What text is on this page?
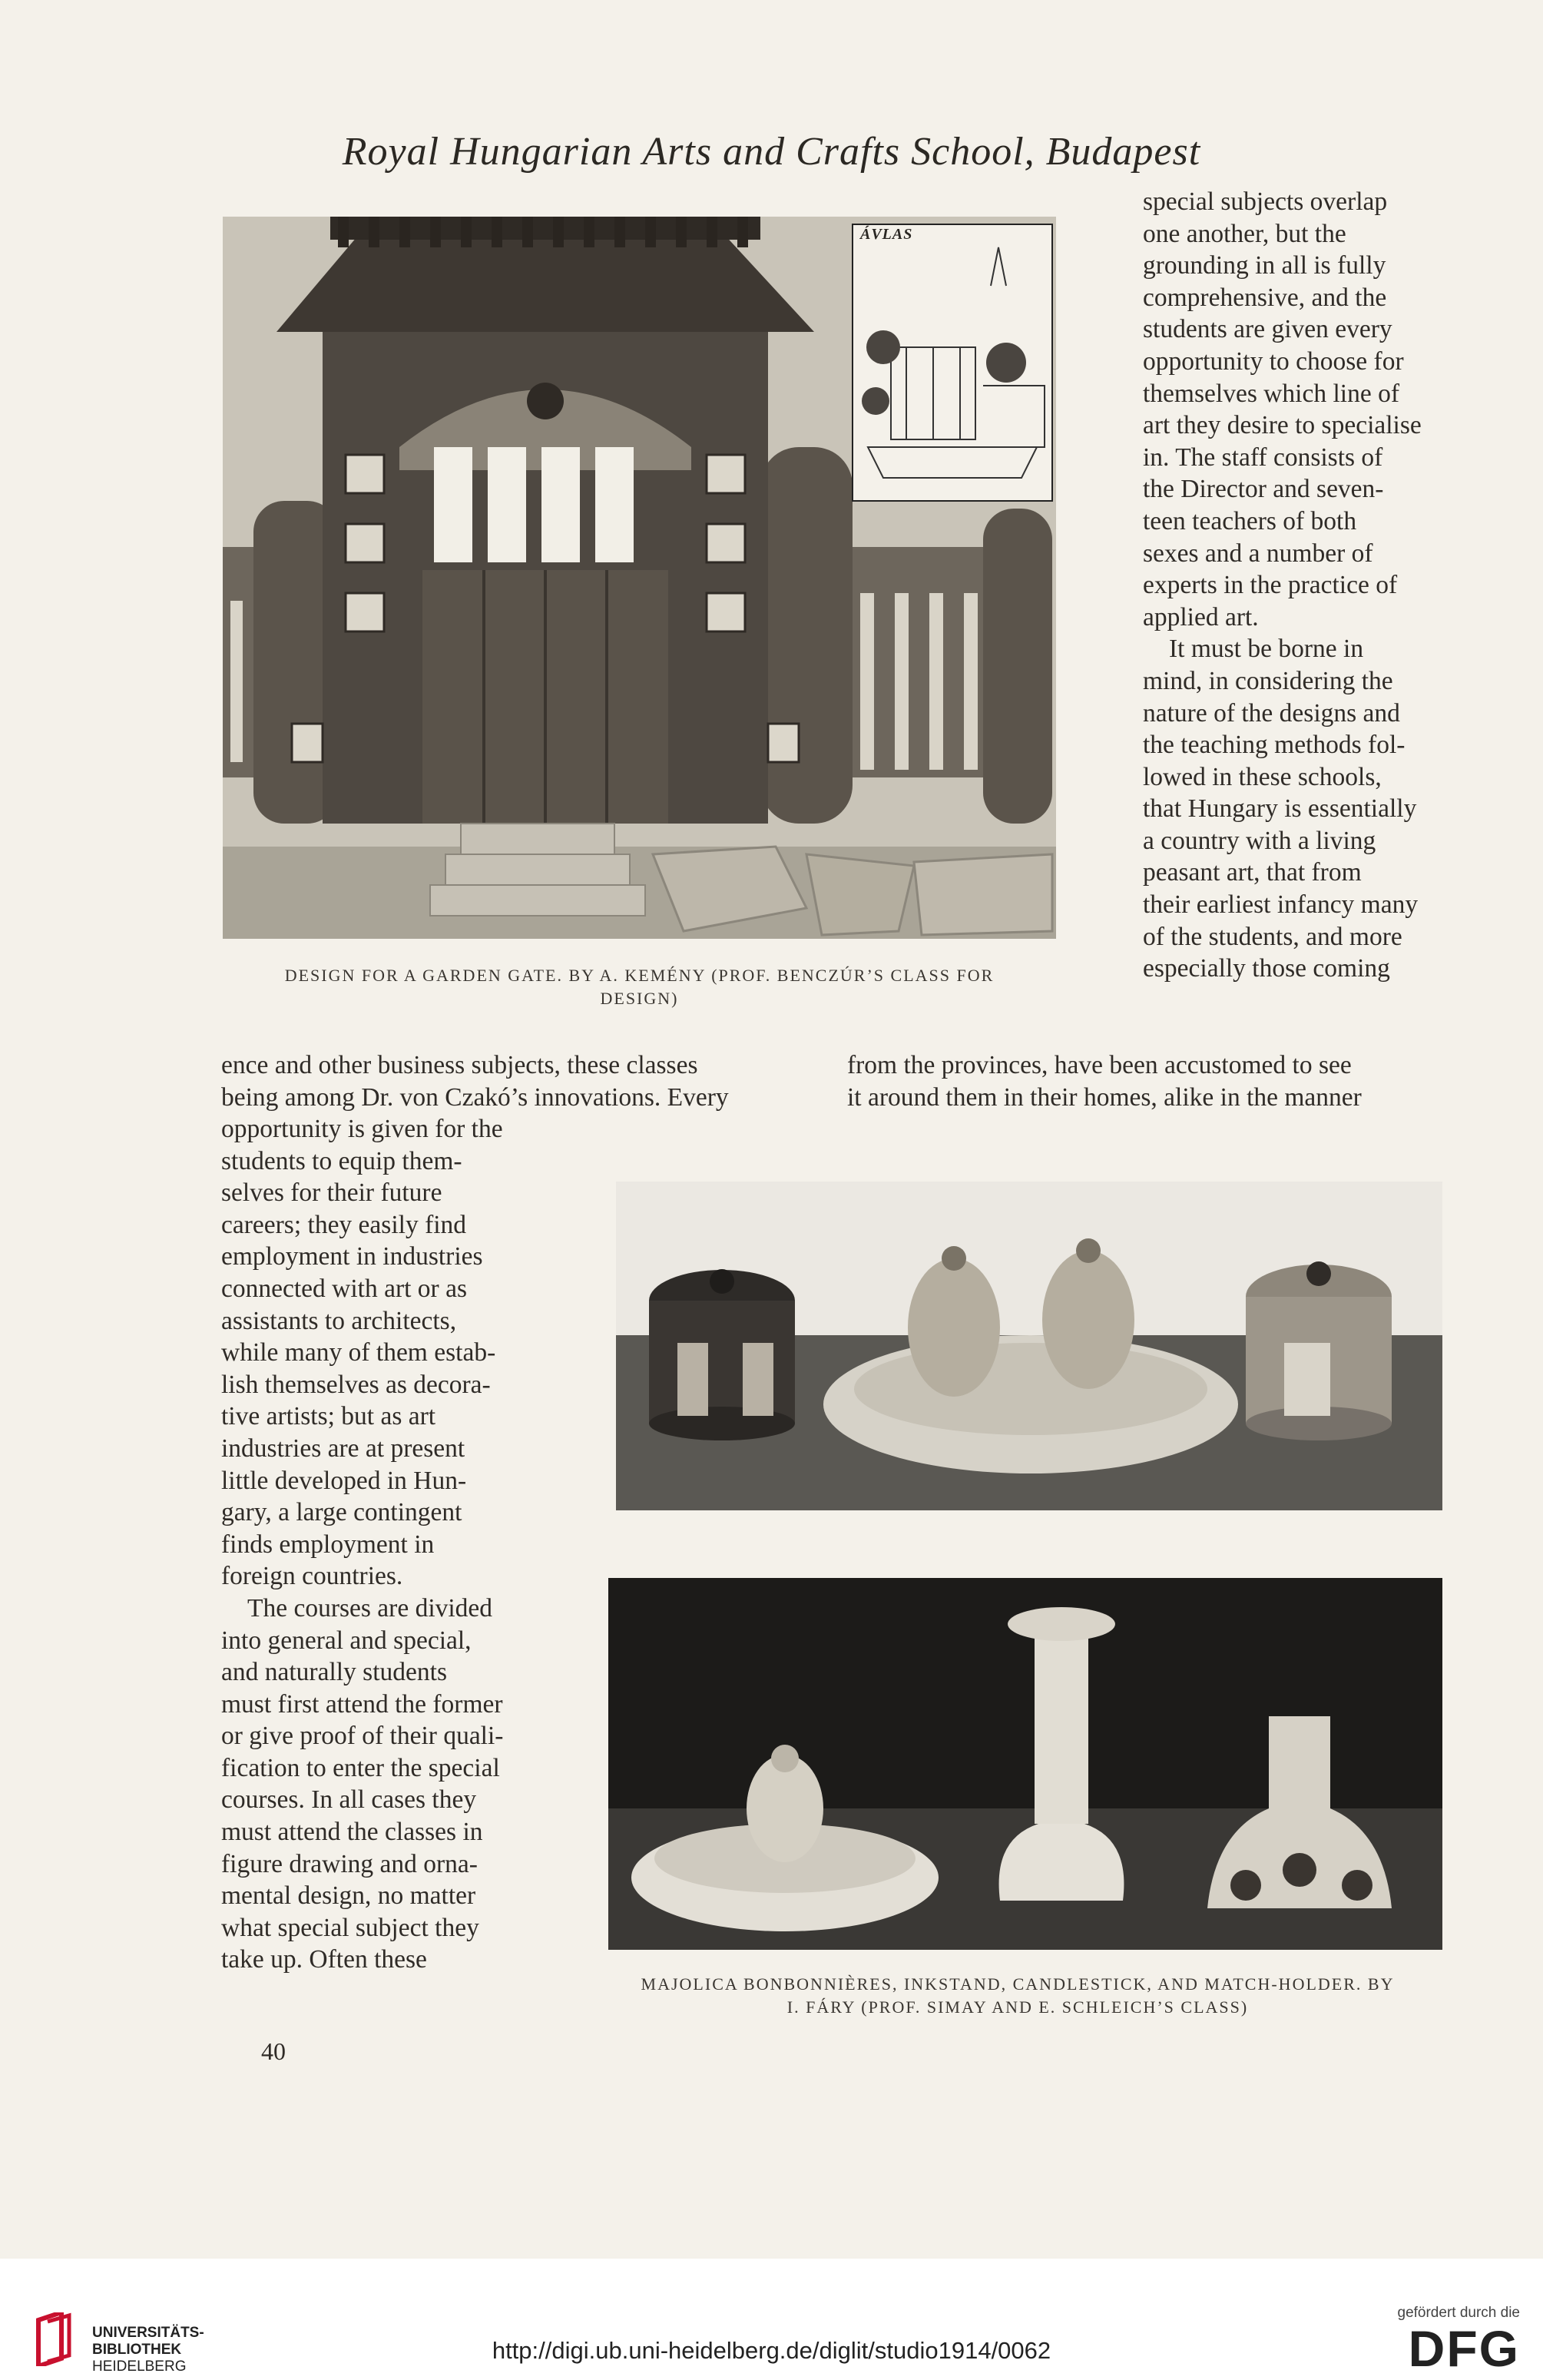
Royal Hungarian Arts and Crafts School, Budapest
ÁVLAS
DESIGN FOR A GARDEN GATE. BY A. KEMÉNY (PROF. BENCZÚR’S CLASS FOR
DESIGN)

special subjects overlap

one another, but the

grounding in all is fully

comprehensive, and the

students are given every

opportunity to choose for

themselves which line of

art they desire to specialise

in. The staff consists of

the Director and seven-

teen teachers of both

sexes and a number of

experts in the practice of

applied art.

It must be borne in

mind, in considering the

nature of the designs and

the teaching methods fol-

lowed in these schools,

that Hungary is essentially

a country with a living

peasant art, that from

their earliest infancy many

of the students, and more

especially those coming

ence and other business subjects, these classes

being among Dr. von Czakó’s innovations. Every

from the provinces, have been accustomed to see

it around them in their homes, alike in the manner

opportunity is given for the

students to equip them-

selves for their future

careers; they easily find

employment in industries

connected with art or as

assistants to architects,

while many of them estab-

lish themselves as decora-

tive artists; but as art

industries are at present

little developed in Hun-

gary, a large contingent

finds employment in

foreign countries.

The courses are divided

into general and special,

and naturally students

must first attend the former

or give proof of their quali-

fication to enter the special

courses. In all cases they

must attend the classes in

figure drawing and orna-

mental design, no matter

what special subject they

take up. Often these

40
MAJOLICA BONBONNIÈRES, INKSTAND, CANDLESTICK, AND MATCH-HOLDER. BY
I. FÁRY (PROF. SIMAY AND E. SCHLEICH’S CLASS)
UNIVERSITÄTS-
BIBLIOTHEK
HEIDELBERG
http://digi.ub.uni-heidelberg.de/diglit/studio1914/0062
gefördert durch die
DFG
